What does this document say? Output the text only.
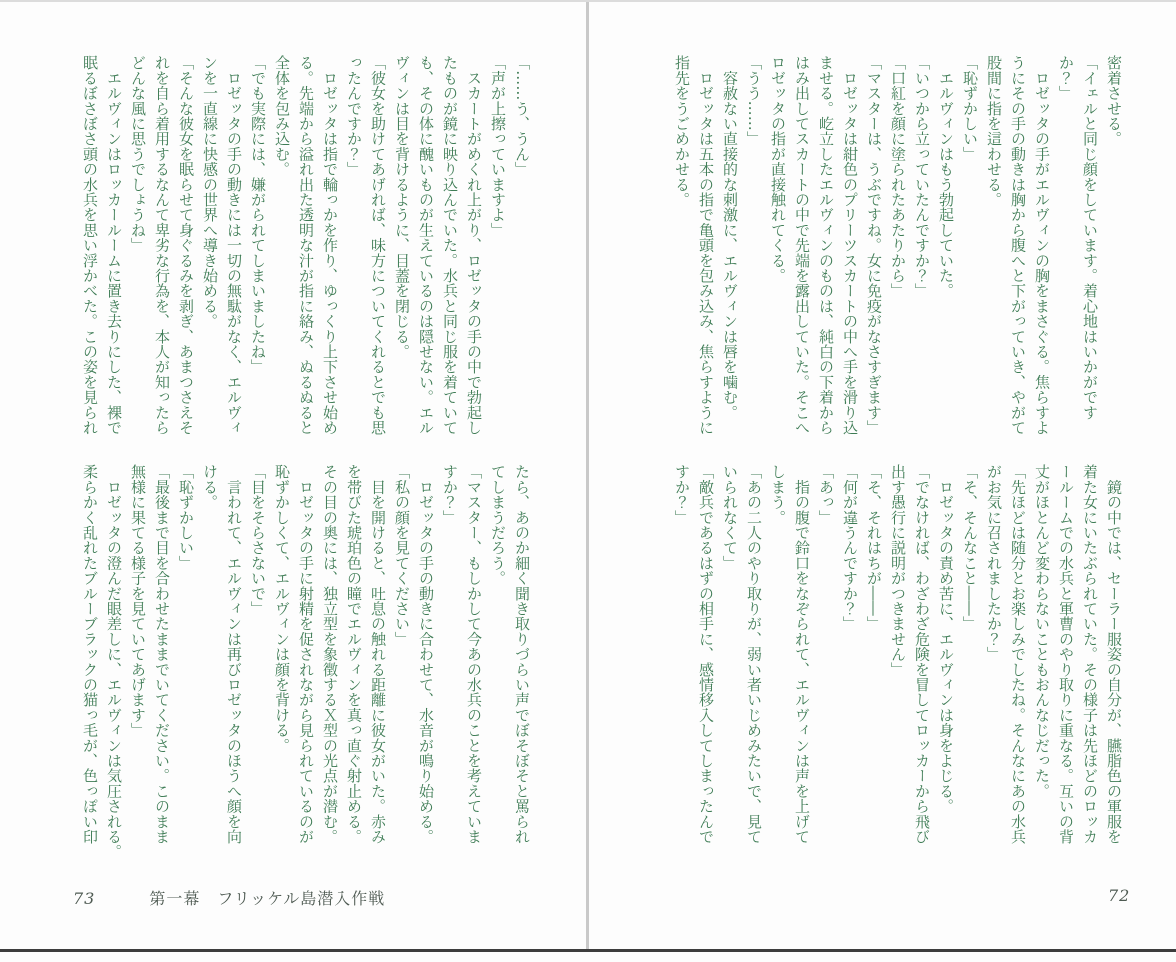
「……う、うん」
「声が上擦っていますよ」
　スカートがめくれ上がり、ロゼッタの手の中で勃起し
たものが鏡に映り込んでいた。水兵と同じ服を着ていて
も、その体に醜いものが生えているのは隠せない。エル
ヴィンは目を背けるように、目蓋を閉じる。
「彼女を助けてあげれば、味方についてくれるとでも思
ったんですか？」
　ロゼッタは指で輪っかを作り、ゆっくり上下させ始め
る。先端から溢れ出た透明な汁が指に絡み、ぬるぬると
全体を包み込む。
「でも実際には、嫌がられてしまいましたね」
　ロゼッタの手の動きには一切の無駄がなく、エルヴィ
ンを一直線に快感の世界へ導き始める。
「そんな彼女を眠らせて身ぐるみを剥ぎ、あまつさえそ
れを自ら着用するなんて卑劣な行為を、本人が知ったら
どんな風に思うでしょうね」
　エルヴィンはロッカールームに置き去りにした、裸で
眠るぼさぼさ頭の水兵を思い浮かべた。この姿を見られ
たら、あのか細く聞き取りづらい声でぼそぼそと罵られ
てしまうだろう。
「マスター、もしかして今あの水兵のことを考えていま
すか？」
　ロゼッタの手の動きに合わせて、水音が鳴り始める。
「私の顔を見てください」
　目を開けると、吐息の触れる距離に彼女がいた。赤み
を帯びた琥珀色の瞳でエルヴィンを真っ直ぐ射止める。
その目の奥には、独立型を象徴するＸ型の光点が潜む。
　ロゼッタの手に射精を促されながら見られているのが
恥ずかしくて、エルヴィンは顔を背ける。
「目をそらさないで」
　言われて、エルヴィンは再びロゼッタのほうへ顔を向
ける。
「恥ずかしい」
「最後まで目を合わせたままでいてください。このまま
無様に果てる様子を見ていてあげます」
　ロゼッタの澄んだ眼差しに、エルヴィンは気圧される。
柔らかく乱れたブルーブラックの猫っ毛が、色っぽい印
73	第一幕　フリッケル島潜入作戦
密着させる。
「イェルと同じ顔をしています。着心地はいかがです
か？」
　ロゼッタの手がエルヴィンの胸をまさぐる。焦らすよ
うにその手の動きは胸から腹へと下がっていき、やがて
股間に指を這わせる。
「恥ずかしい」
　エルヴィンはもう勃起していた。
「いつから立っていたんですか？」
「口紅を顔に塗られたあたりから」
「マスターは、うぶですね。女に免疫がなさすぎます」
　ロゼッタは紺色のプリーツスカートの中へ手を滑り込
ませる。屹立したエルヴィンのものは、純白の下着から
はみ出してスカートの中で先端を露出していた。そこへ
ロゼッタの指が直接触れてくる。
「うう……」
　容赦ない直接的な刺激に、エルヴィンは唇を噛む。
　ロゼッタは五本の指で亀頭を包み込み、焦らすように
指先をうごめかせる。
　鏡の中では、セーラー服姿の自分が、臙脂色の軍服を
着た女にいたぶられていた。その様子は先ほどのロッカ
ールームでの水兵と軍曹のやり取りに重なる。互いの背
丈がほとんど変わらないこともおんなじだった。
「先ほどは随分とお楽しみでしたね。そんなにあの水兵
がお気に召されましたか？」
「そ、そんなこと――」
　ロゼッタの責め苦に、エルヴィンは身をよじる。
「でなければ、わざわざ危険を冒してロッカーから飛び
出す愚行に説明がつきません」
「そ、それはちが――」
「何が違うんですか？」
「あっ」
　指の腹で鈴口をなぞられて、エルヴィンは声を上げて
しまう。
「あの二人のやり取りが、弱い者いじめみたいで、見て
いられなくて」
「敵兵であるはずの相手に、感情移入してしまったんで
すか？」
72
